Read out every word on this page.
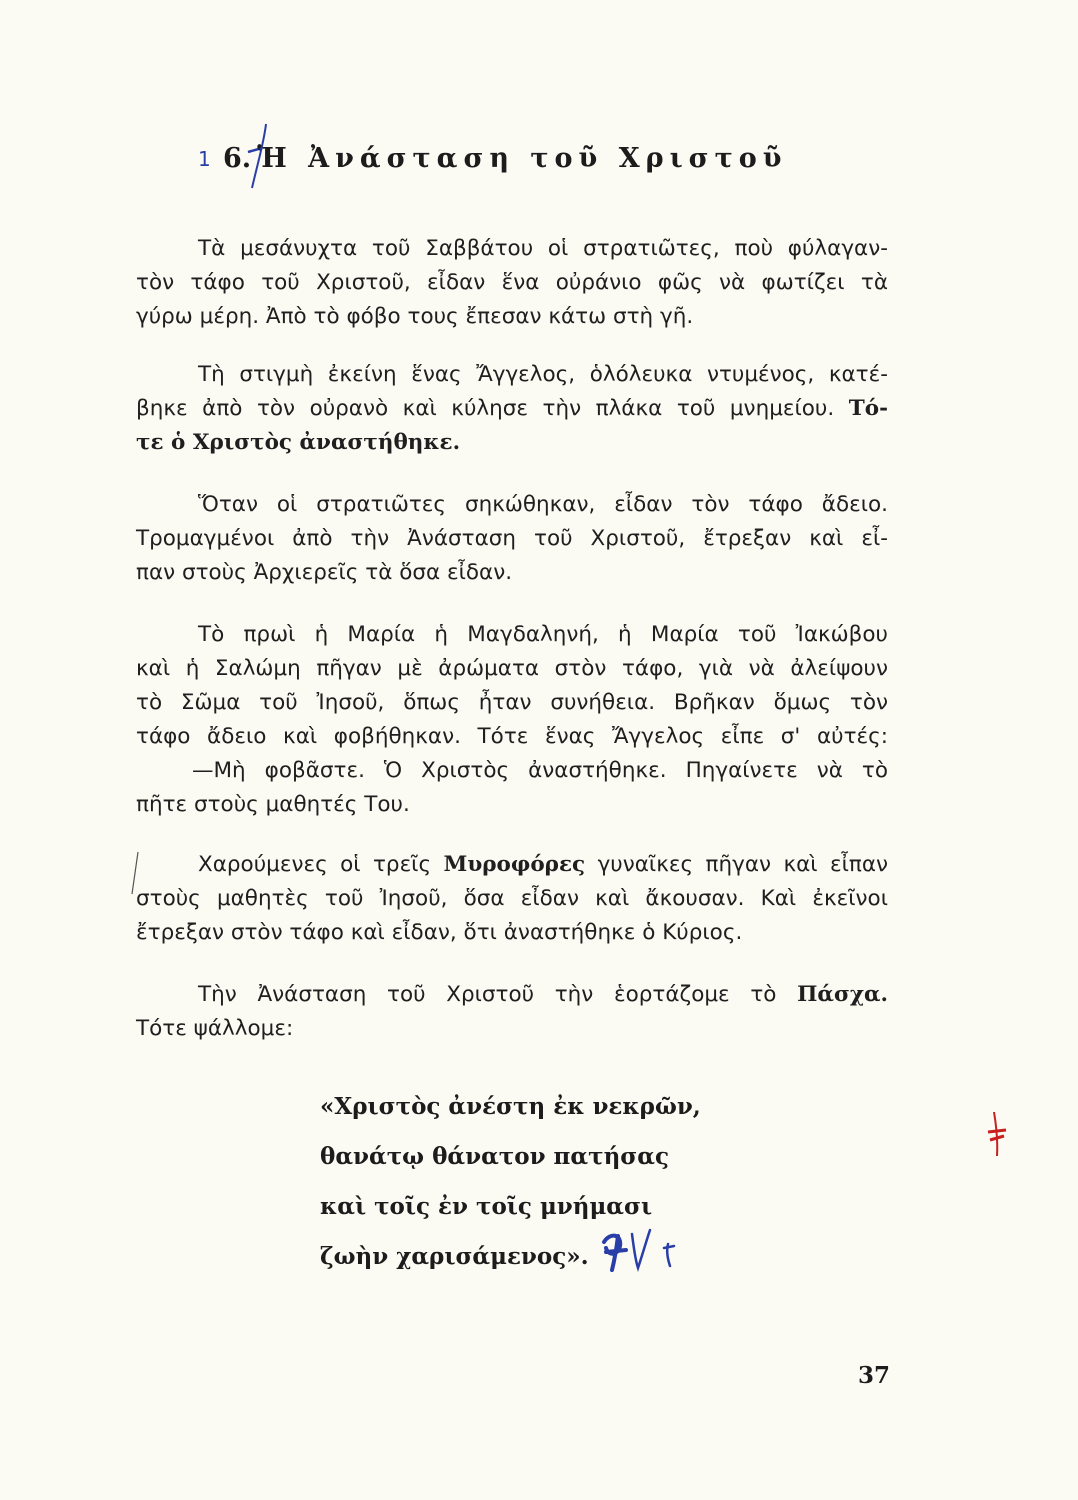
1 6. Ἡ Ἀνάσταση τοῦ Χριστοῦ
Τὰ μεσάνυχτα τοῦ Σαββάτου οἱ στρατιῶτες, ποὺ φύλαγαν-
τὸν τάφο τοῦ Χριστοῦ, εἶδαν ἕνα οὐράνιο φῶς νὰ φωτίζει τὰ
γύρω μέρη. Ἀπὸ τὸ φόβο τους ἔπεσαν κάτω στὴ γῆ.
Τὴ στιγμὴ ἐκείνη ἕνας Ἄγγελος, ὁλόλευκα ντυμένος, κατέ-
βηκε ἀπὸ τὸν οὐρανὸ καὶ κύλησε τὴν πλάκα τοῦ μνημείου. Τό-
τε ὁ Χριστὸς ἀναστήθηκε.
Ὅταν οἱ στρατιῶτες σηκώθηκαν, εἶδαν τὸν τάφο ἄδειο.
Τρομαγμένοι ἀπὸ τὴν Ἀνάσταση τοῦ Χριστοῦ, ἔτρεξαν καὶ εἶ-
παν στοὺς Ἀρχιερεῖς τὰ ὅσα εἶδαν.
Τὸ πρωὶ ἡ Μαρία ἡ Μαγδαληνή, ἡ Μαρία τοῦ Ἰακώβου
καὶ ἡ Σαλώμη πῆγαν μὲ ἀρώματα στὸν τάφο, γιὰ νὰ ἀλείψουν
τὸ Σῶμα τοῦ Ἰησοῦ, ὅπως ἦταν συνήθεια. Βρῆκαν ὅμως τὸν
τάφο ἄδειο καὶ φοβήθηκαν. Τότε ἕνας Ἄγγελος εἶπε σ' αὐτές:
—Μὴ φοβᾶστε. Ὁ Χριστὸς ἀναστήθηκε. Πηγαίνετε νὰ τὸ
πῆτε στοὺς μαθητές Του.
Χαρούμενες οἱ τρεῖς Μυροφόρες γυναῖκες πῆγαν καὶ εἶπαν
στοὺς μαθητὲς τοῦ Ἰησοῦ, ὅσα εἶδαν καὶ ἄκουσαν. Καὶ ἐκεῖνοι
ἔτρεξαν στὸν τάφο καὶ εἶδαν, ὅτι ἀναστήθηκε ὁ Κύριος.
Τὴν Ἀνάσταση τοῦ Χριστοῦ τὴν ἑορτάζομε τὸ Πάσχα.
Τότε ψάλλομε:
«Χριστὸς ἀνέστη ἐκ νεκρῶν,
θανάτῳ θάνατον πατήσας
καὶ τοῖς ἐν τοῖς μνήμασι
ζωὴν χαρισάμενος».
37
